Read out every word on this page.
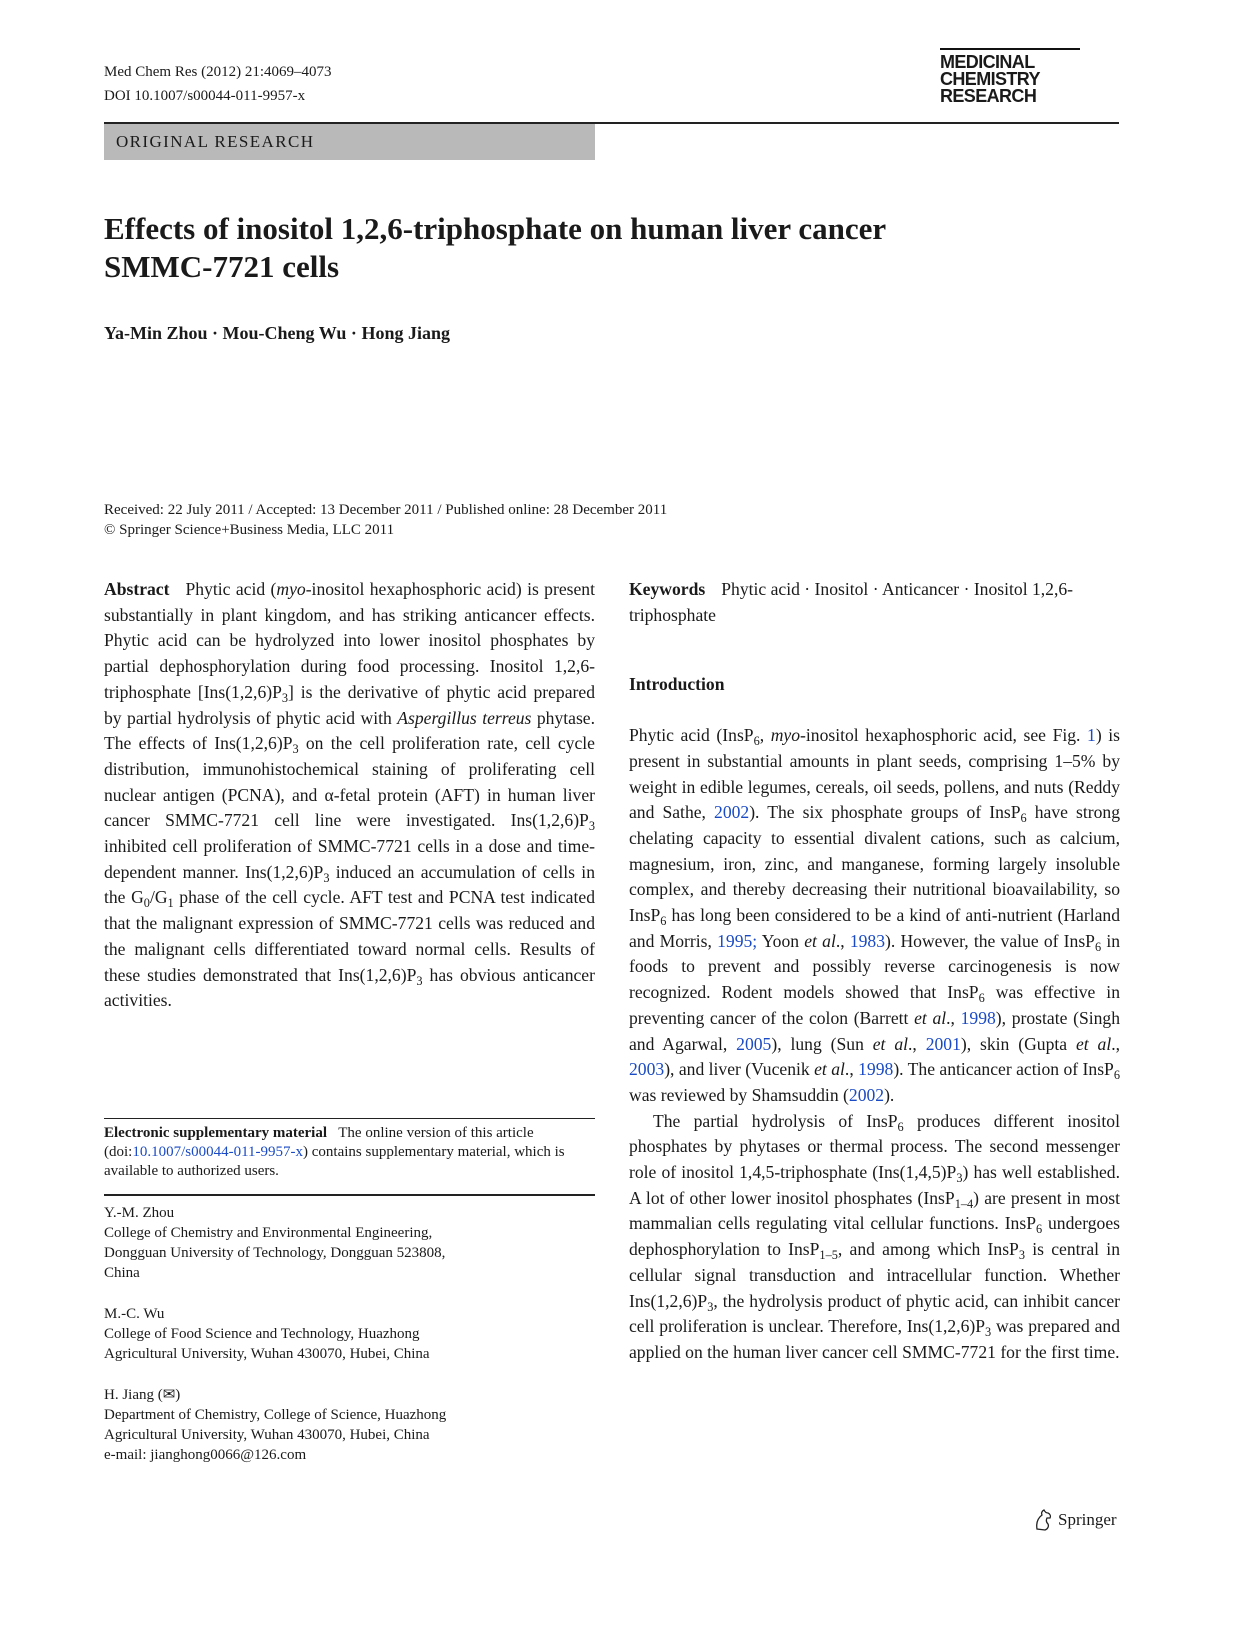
Med Chem Res (2012) 21:4069–4073
DOI 10.1007/s00044-011-9957-x
MEDICINAL
CHEMISTRY
RESEARCH
ORIGINAL RESEARCH
Effects of inositol 1,2,6-triphosphate on human liver cancer
SMMC-7721 cells
Ya-Min Zhou · Mou-Cheng Wu · Hong Jiang
Received: 22 July 2011 / Accepted: 13 December 2011 / Published online: 28 December 2011
© Springer Science+Business Media, LLC 2011

Abstract Phytic acid (myo-inositol hexaphosphoric acid) is present substantially in plant kingdom, and has striking anticancer effects. Phytic acid can be hydrolyzed into lower inositol phosphates by partial dephosphorylation during food processing. Inositol 1,2,6-triphosphate $[Ins(1,2,6)P_3]$ is the derivative of phytic acid prepared by partial hydrolysis of phytic acid with Aspergillus terreus phytase. The effects of $Ins(1,2,6)P_3$ on the cell proliferation rate, cell cycle distribution, immunohistochemical staining of proliferating cell nuclear antigen (PCNA), and α-fetal protein (AFT) in human liver cancer SMMC-7721 cell line were investigated. $Ins(1,2,6)P_3$ inhibited cell proliferation of SMMC-7721 cells in a dose and time-dependent manner. $Ins(1,2,6)P_3$ induced an accumulation of cells in the $G_0/G_1$ phase of the cell cycle. AFT test and PCNA test indicated that the malignant expression of SMMC-7721 cells was reduced and the malignant cells differentiated toward normal cells. Results of these studies demonstrated that $Ins(1,2,6)P_3$ has obvious anticancer activities.

Electronic supplementary material The online version of this article (doi:10.1007/s00044-011-9957-x) contains supplementary material, which is available to authorized users.
Y.-M. Zhou
College of Chemistry and Environmental Engineering,
Dongguan University of Technology, Dongguan 523808,
China
M.-C. Wu
College of Food Science and Technology, Huazhong
Agricultural University, Wuhan 430070, Hubei, China
H. Jiang (✉)
Department of Chemistry, College of Science, Huazhong
Agricultural University, Wuhan 430070, Hubei, China
e-mail: jianghong0066@126.com

Keywords Phytic acid · Inositol · Anticancer · Inositol 1,2,6-triphosphate

Introduction

Phytic acid (InsP$_6$, myo-inositol hexaphosphoric acid, see Fig. 1) is present in substantial amounts in plant seeds, comprising 1–5% by weight in edible legumes, cereals, oil seeds, pollens, and nuts (Reddy and Sathe, 2002). The six phosphate groups of InsP$_6$ have strong chelating capacity to essential divalent cations, such as calcium, magnesium, iron, zinc, and manganese, forming largely insoluble complex, and thereby decreasing their nutritional bioavailability, so InsP$_6$ has long been considered to be a kind of anti-nutrient (Harland and Morris, 1995; Yoon et al., 1983). However, the value of InsP$_6$ in foods to prevent and possibly reverse carcinogenesis is now recognized. Rodent models showed that InsP$_6$ was effective in preventing cancer of the colon (Barrett et al., 1998), prostate (Singh and Agarwal, 2005), lung (Sun et al., 2001), skin (Gupta et al., 2003), and liver (Vucenik et al., 1998). The anticancer action of InsP$_6$ was reviewed by Shamsuddin (2002).

The partial hydrolysis of InsP$_6$ produces different inositol phosphates by phytases or thermal process. The second messenger role of inositol 1,4,5-triphosphate $(Ins(1,4,5)P_3)$ has well established. A lot of other lower inositol phosphates (InsP$_{1-4}$) are present in most mammalian cells regulating vital cellular functions. InsP$_6$ undergoes dephosphorylation to InsP$_{1-5}$, and among which InsP$_3$ is central in cellular signal transduction and intracellular function. Whether $Ins(1,2,6)P_3$, the hydrolysis product of phytic acid, can inhibit cancer cell proliferation is unclear. Therefore, $Ins(1,2,6)P_3$ was prepared and applied on the human liver cancer cell SMMC-7721 for the first time.

Springer
